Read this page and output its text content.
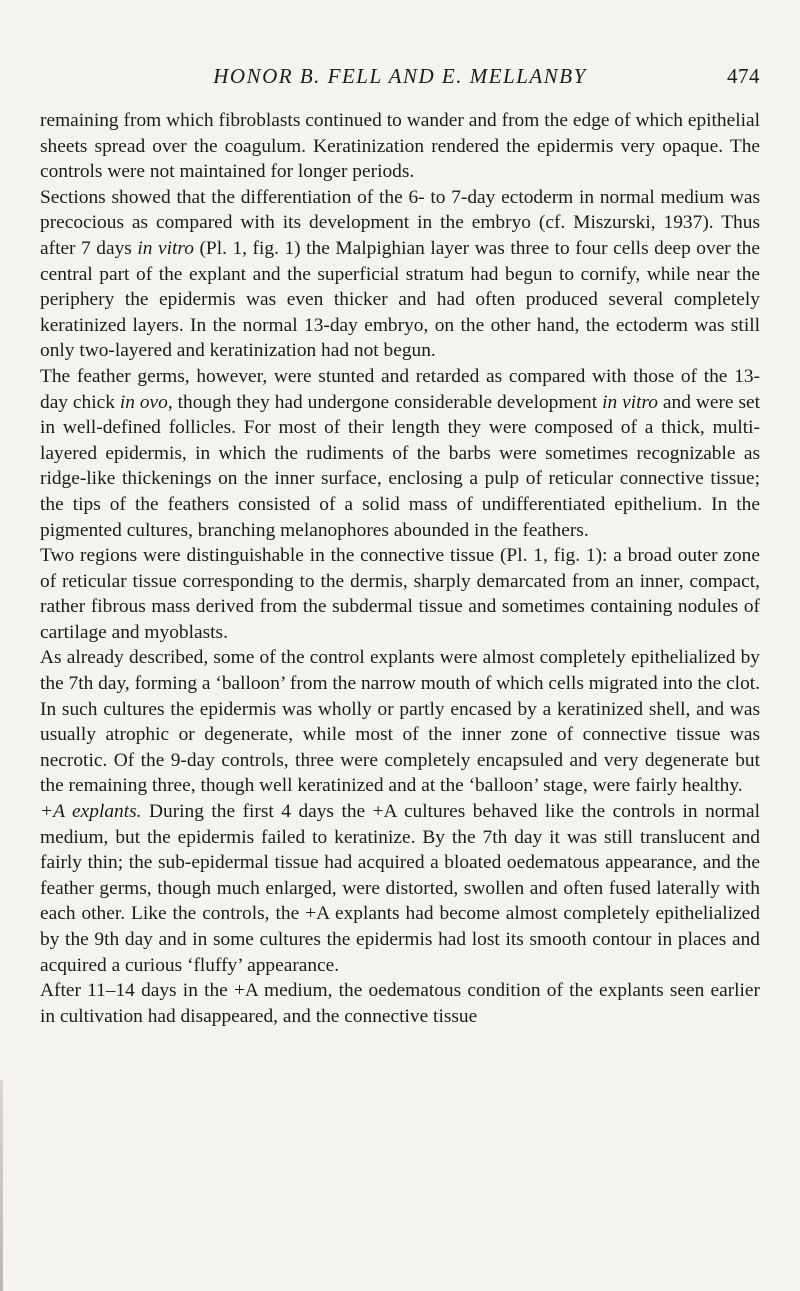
HONOR B. FELL AND E. MELLANBY	474

remaining from which fibroblasts continued to wander and from the edge of which epithelial sheets spread over the coagulum. Keratinization rendered the epidermis very opaque. The controls were not maintained for longer periods.

Sections showed that the differentiation of the 6- to 7-day ectoderm in normal medium was precocious as compared with its development in the embryo (cf. Miszurski, 1937). Thus after 7 days in vitro (Pl. 1, fig. 1) the Malpighian layer was three to four cells deep over the central part of the explant and the superficial stratum had begun to cornify, while near the periphery the epidermis was even thicker and had often produced several completely keratinized layers. In the normal 13-day embryo, on the other hand, the ectoderm was still only two-layered and keratinization had not begun.

The feather germs, however, were stunted and retarded as compared with those of the 13-day chick in ovo, though they had undergone considerable development in vitro and were set in well-defined follicles. For most of their length they were composed of a thick, multi-layered epidermis, in which the rudiments of the barbs were sometimes recognizable as ridge-like thickenings on the inner surface, enclosing a pulp of reticular connective tissue; the tips of the feathers consisted of a solid mass of undifferentiated epithelium. In the pigmented cultures, branching melanophores abounded in the feathers.

Two regions were distinguishable in the connective tissue (Pl. 1, fig. 1): a broad outer zone of reticular tissue corresponding to the dermis, sharply demarcated from an inner, compact, rather fibrous mass derived from the subdermal tissue and sometimes containing nodules of cartilage and myoblasts.

As already described, some of the control explants were almost completely epithelialized by the 7th day, forming a ‘balloon’ from the narrow mouth of which cells migrated into the clot. In such cultures the epidermis was wholly or partly encased by a keratinized shell, and was usually atrophic or degenerate, while most of the inner zone of connective tissue was necrotic. Of the 9-day controls, three were completely encapsuled and very degenerate but the remaining three, though well keratinized and at the ‘balloon’ stage, were fairly healthy.

+A explants. During the first 4 days the +A cultures behaved like the controls in normal medium, but the epidermis failed to keratinize. By the 7th day it was still translucent and fairly thin; the sub-epidermal tissue had acquired a bloated oedematous appearance, and the feather germs, though much enlarged, were distorted, swollen and often fused laterally with each other. Like the controls, the +A explants had become almost completely epithelialized by the 9th day and in some cultures the epidermis had lost its smooth contour in places and acquired a curious ‘fluffy’ appearance.

After 11–14 days in the +A medium, the oedematous condition of the explants seen earlier in cultivation had disappeared, and the connective tissue
